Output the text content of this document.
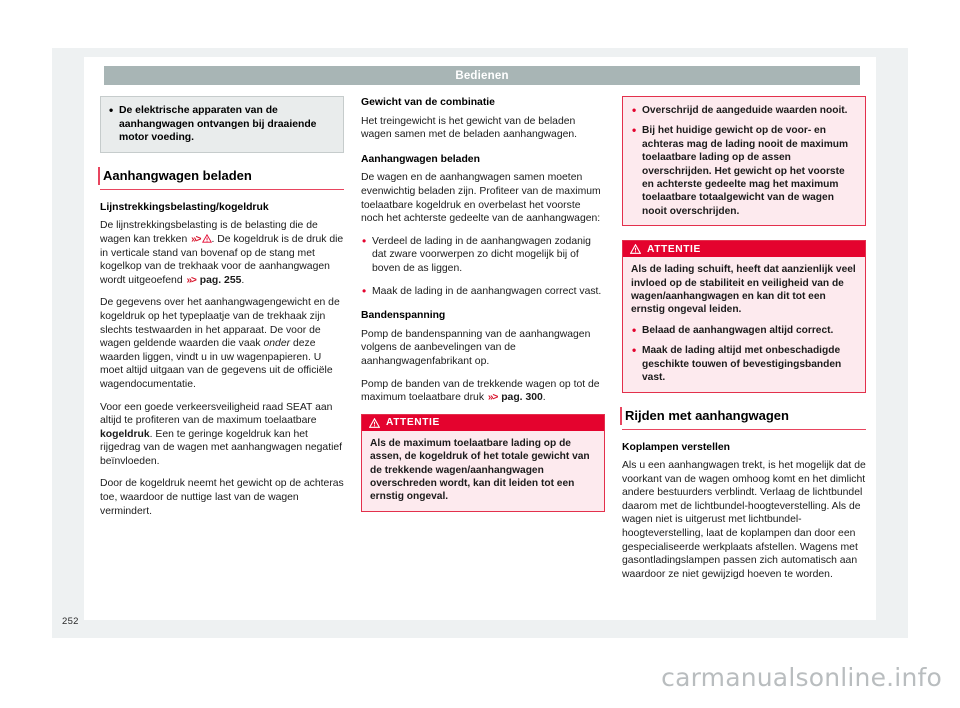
Bedienen
• De elektrische apparaten van de aanhangwagen ontvangen bij draaiende motor voeding.
Aanhangwagen beladen
Lijnstrekkingsbelasting/kogeldruk

De lijnstrekkingsbelasting is de belasting die de wagen kan trekken »> . De kogeldruk is de druk die in verticale stand van bovenaf op de stang met kogelkop van de trekhaak voor de aanhangwagen wordt uitgeoefend »> pag. 255.

De gegevens over het aanhangwagengewicht en de kogeldruk op het typeplaatje van de trekhaak zijn slechts testwaarden in het apparaat. De voor de wagen geldende waarden die vaak onder deze waarden liggen, vindt u in uw wagenpapieren. U moet altijd uitgaan van de gegevens uit de officiële wagendocumentatie.

Voor een goede verkeersveiligheid raad SEAT aan altijd te profiteren van de maximum toelaatbare kogeldruk. Een te geringe kogeldruk kan het rijgedrag van de wagen met aanhangwagen negatief beïnvloeden.

Door de kogeldruk neemt het gewicht op de achteras toe, waardoor de nuttige last van de wagen vermindert.

Gewicht van de combinatie

Het treingewicht is het gewicht van de beladen wagen samen met de beladen aanhangwagen.

Aanhangwagen beladen

De wagen en de aanhangwagen samen moeten evenwichtig beladen zijn. Profiteer van de maximum toelaatbare kogeldruk en overbelast het voorste noch het achterste gedeelte van de aanhangwagen:

• Verdeel de lading in de aanhangwagen zodanig dat zware voorwerpen zo dicht mogelijk bij of boven de as liggen.

• Maak de lading in de aanhangwagen correct vast.

Bandenspanning

Pomp de bandenspanning van de aanhangwagen volgens de aanbevelingen van de aanhangwagenfabrikant op.

Pomp de banden van de trekkende wagen op tot de maximum toelaatbare druk »> pag. 300.

ATTENTIE

Als de maximum toelaatbare lading op de assen, de kogeldruk of het totale gewicht van de trekkende wagen/aanhangwagen overschreden wordt, kan dit leiden tot een ernstig ongeval.

• Overschrijd de aangeduide waarden nooit.

• Bij het huidige gewicht op de voor- en achteras mag de lading nooit de maximum toelaatbare lading op de assen overschrijden. Het gewicht op het voorste en achterste gedeelte mag het maximum toelaatbare totaalgewicht van de wagen nooit overschrijden.

ATTENTIE

Als de lading schuift, heeft dat aanzienlijk veel invloed op de stabiliteit en veiligheid van de wagen/aanhangwagen en kan dit tot een ernstig ongeval leiden.

• Belaad de aanhangwagen altijd correct.

• Maak de lading altijd met onbeschadigde geschikte touwen of bevestigingsbanden vast.

Rijden met aanhangwagen
Koplampen verstellen

Als u een aanhangwagen trekt, is het mogelijk dat de voorkant van de wagen omhoog komt en het dimlicht andere bestuurders verblindt. Verlaag de lichtbundel daarom met de lichtbundel-hoogteverstelling. Als de wagen niet is uitgerust met lichtbundel-hoogteverstelling, laat de koplampen dan door een gespecialiseerde werkplaats afstellen. Wagens met gasontladingslampen passen zich automatisch aan waardoor ze niet gewijzigd hoeven te worden.

252
carmanualsonline.info
